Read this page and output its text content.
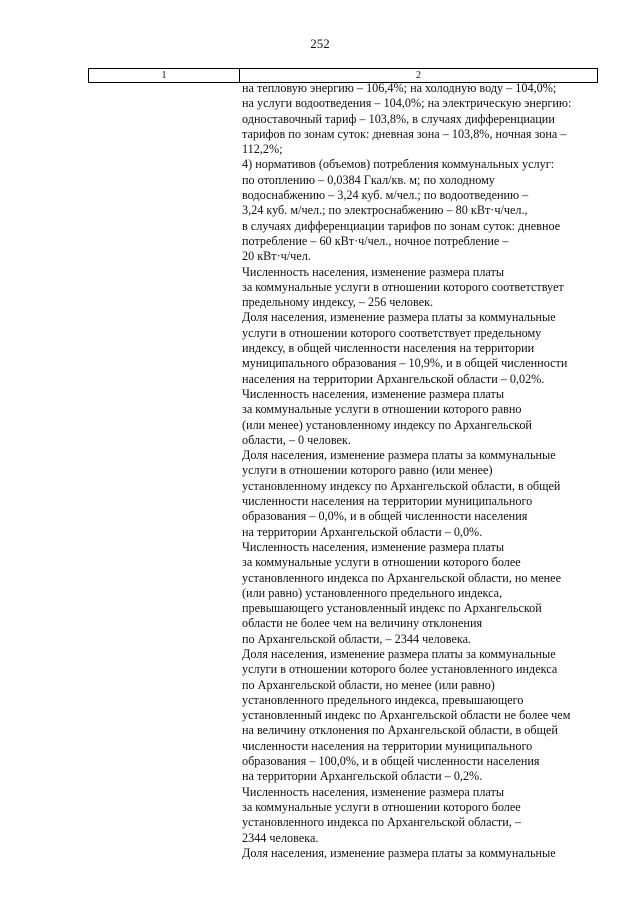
252
1	2
на тепловую энергию – 106,4%; на холодную воду – 104,0%;
на услуги водоотведения – 104,0%; на электрическую энергию:
одноставочный тариф – 103,8%, в случаях дифференциации
тарифов по зонам суток: дневная зона – 103,8%, ночная зона –
112,2%;
4) нормативов (объемов) потребления коммунальных услуг:
по отоплению – 0,0384 Гкал/кв. м; по холодному
водоснабжению – 3,24 куб. м/чел.; по водоотведению –
3,24 куб. м/чел.; по электроснабжению – 80 кВт·ч/чел.,
в случаях дифференциации тарифов по зонам суток: дневное
потребление – 60 кВт·ч/чел., ночное потребление –
20 кВт·ч/чел.
Численность населения, изменение размера платы
за коммунальные услуги в отношении которого соответствует
предельному индексу, – 256 человек.
Доля населения, изменение размера платы за коммунальные
услуги в отношении которого соответствует предельному
индексу, в общей численности населения на территории
муниципального образования – 10,9%, и в общей численности
населения на территории Архангельской области – 0,02%.
Численность населения, изменение размера платы
за коммунальные услуги в отношении которого равно
(или менее) установленному индексу по Архангельской
области, – 0 человек.
Доля населения, изменение размера платы за коммунальные
услуги в отношении которого равно (или менее)
установленному индексу по Архангельской области, в общей
численности населения на территории муниципального
образования – 0,0%, и в общей численности населения
на территории Архангельской области – 0,0%.
Численность населения, изменение размера платы
за коммунальные услуги в отношении которого более
установленного индекса по Архангельской области, но менее
(или равно) установленного предельного индекса,
превышающего установленный индекс по Архангельской
области не более чем на величину отклонения
по Архангельской области, – 2344 человека.
Доля населения, изменение размера платы за коммунальные
услуги в отношении которого более установленного индекса
по Архангельской области, но менее (или равно)
установленного предельного индекса, превышающего
установленный индекс по Архангельской области не более чем
на величину отклонения по Архангельской области, в общей
численности населения на территории муниципального
образования – 100,0%, и в общей численности населения
на территории Архангельской области – 0,2%.
Численность населения, изменение размера платы
за коммунальные услуги в отношении которого более
установленного индекса по Архангельской области, –
2344 человека.
Доля населения, изменение размера платы за коммунальные
